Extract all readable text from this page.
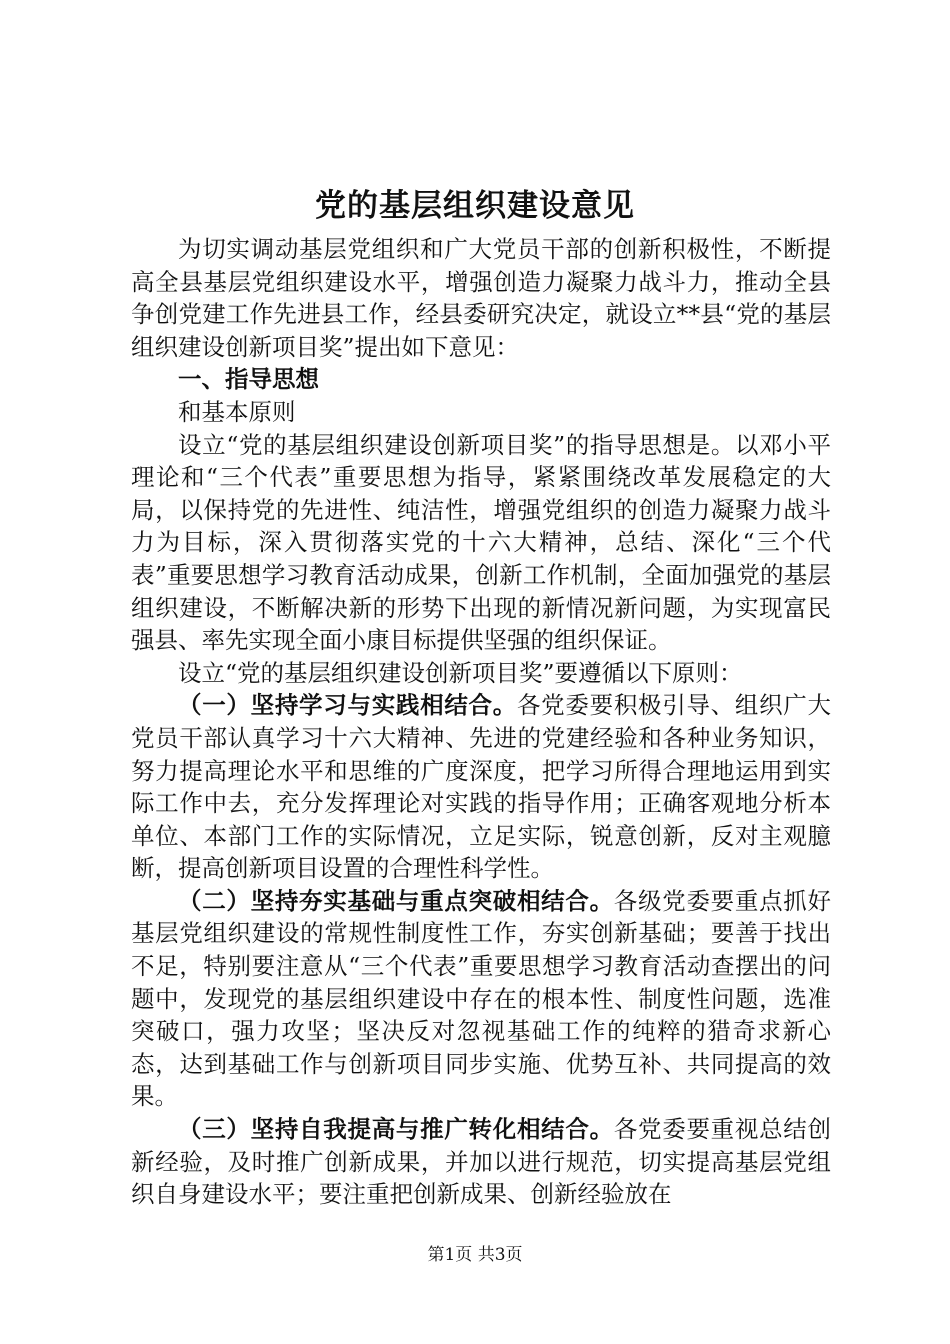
党的基层组织建设意见

为切实调动基层党组织和广大党员干部的创新积极性，不断提高全县基层党组织建设水平，增强创造力凝聚力战斗力，推动全县争创党建工作先进县工作，经县委研究决定，就设立**县“党的基层组织建设创新项目奖”提出如下意见：

一、指导思想

和基本原则

设立“党的基层组织建设创新项目奖”的指导思想是。以邓小平理论和“三个代表”重要思想为指导，紧紧围绕改革发展稳定的大局，以保持党的先进性、纯洁性，增强党组织的创造力凝聚力战斗力为目标，深入贯彻落实党的十六大精神，总结、深化“三个代表”重要思想学习教育活动成果，创新工作机制，全面加强党的基层组织建设，不断解决新的形势下出现的新情况新问题，为实现富民强县、率先实现全面小康目标提供坚强的组织保证。

设立“党的基层组织建设创新项目奖”要遵循以下原则：

（一）坚持学习与实践相结合。各党委要积极引导、组织广大党员干部认真学习十六大精神、先进的党建经验和各种业务知识，努力提高理论水平和思维的广度深度，把学习所得合理地运用到实际工作中去，充分发挥理论对实践的指导作用；正确客观地分析本单位、本部门工作的实际情况，立足实际，锐意创新，反对主观臆断，提高创新项目设置的合理性科学性。

（二）坚持夯实基础与重点突破相结合。各级党委要重点抓好基层党组织建设的常规性制度性工作，夯实创新基础；要善于找出不足，特别要注意从“三个代表”重要思想学习教育活动查摆出的问题中，发现党的基层组织建设中存在的根本性、制度性问题，选准突破口，强力攻坚；坚决反对忽视基础工作的纯粹的猎奇求新心态，达到基础工作与创新项目同步实施、优势互补、共同提高的效果。

（三）坚持自我提高与推广转化相结合。各党委要重视总结创新经验，及时推广创新成果，并加以进行规范，切实提高基层党组织自身建设水平；要注重把创新成果、创新经验放在

第1页 共3页
